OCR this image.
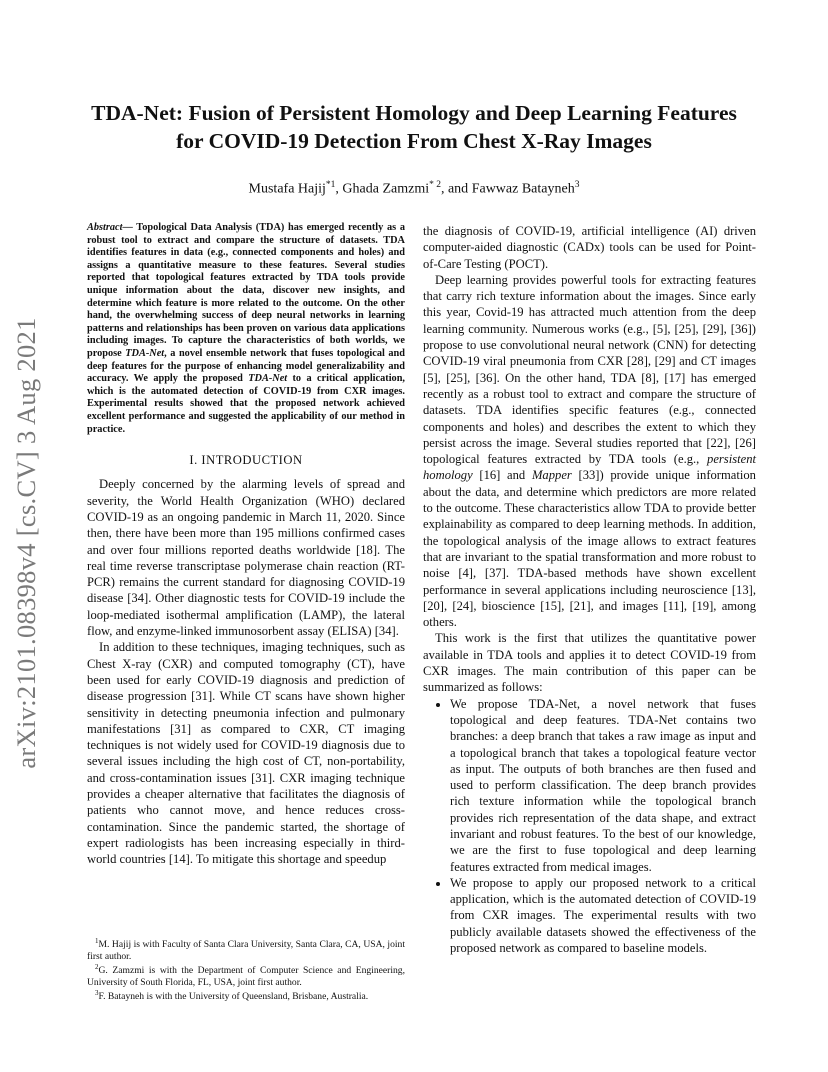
arXiv:2101.08398v4 [cs.CV] 3 Aug 2021
TDA-Net: Fusion of Persistent Homology and Deep Learning Features
for COVID-19 Detection From Chest X-Ray Images
Mustafa Hajij$^{*1}$, Ghada Zamzmi$^{* 2}$, and Fawwaz Batayneh$^3$
Abstract— Topological Data Analysis (TDA) has emerged recently as a robust tool to extract and compare the structure of datasets. TDA identifies features in data (e.g., connected components and holes) and assigns a quantitative measure to these features. Several studies reported that topological features extracted by TDA tools provide unique information about the data, discover new insights, and determine which feature is more related to the outcome. On the other hand, the overwhelming success of deep neural networks in learning patterns and relationships has been proven on various data applications including images. To capture the characteristics of both worlds, we propose TDA-Net, a novel ensemble network that fuses topological and deep features for the purpose of enhancing model generalizability and accuracy. We apply the proposed TDA-Net to a critical application, which is the automated detection of COVID-19 from CXR images. Experimental results showed that the proposed network achieved excellent performance and suggested the applicability of our method in practice.
I. INTRODUCTION

Deeply concerned by the alarming levels of spread and severity, the World Health Organization (WHO) declared COVID-19 as an ongoing pandemic in March 11, 2020. Since then, there have been more than 195 millions confirmed cases and over four millions reported deaths worldwide [18]. The real time reverse transcriptase polymerase chain reaction (RT-PCR) remains the current standard for diagnosing COVID-19 disease [34]. Other diagnostic tests for COVID-19 include the loop-mediated isothermal amplification (LAMP), the lateral flow, and enzyme-linked immunosorbent assay (ELISA) [34].

In addition to these techniques, imaging techniques, such as Chest X-ray (CXR) and computed tomography (CT), have been used for early COVID-19 diagnosis and prediction of disease progression [31]. While CT scans have shown higher sensitivity in detecting pneumonia infection and pulmonary manifestations [31] as compared to CXR, CT imaging techniques is not widely used for COVID-19 diagnosis due to several issues including the high cost of CT, non-portability, and cross-contamination issues [31]. CXR imaging technique provides a cheaper alternative that facilitates the diagnosis of patients who cannot move, and hence reduces cross-contamination. Since the pandemic started, the shortage of expert radiologists has been increasing especially in third-world countries [14]. To mitigate this shortage and speedup

$^1$M. Hajij is with Faculty of Santa Clara University, Santa Clara, CA, USA, joint first author.

$^2$G. Zamzmi is with the Department of Computer Science and Engineering, University of South Florida, FL, USA, joint first author.

$^3$F. Batayneh is with the University of Queensland, Brisbane, Australia.

the diagnosis of COVID-19, artificial intelligence (AI) driven computer-aided diagnostic (CADx) tools can be used for Point-of-Care Testing (POCT).

Deep learning provides powerful tools for extracting features that carry rich texture information about the images. Since early this year, Covid-19 has attracted much attention from the deep learning community. Numerous works (e.g., [5], [25], [29], [36]) propose to use convolutional neural network (CNN) for detecting COVID-19 viral pneumonia from CXR [28], [29] and CT images [5], [25], [36]. On the other hand, TDA [8], [17] has emerged recently as a robust tool to extract and compare the structure of datasets. TDA identifies specific features (e.g., connected components and holes) and describes the extent to which they persist across the image. Several studies reported that [22], [26] topological features extracted by TDA tools (e.g., persistent homology [16] and Mapper [33]) provide unique information about the data, and determine which predictors are more related to the outcome. These characteristics allow TDA to provide better explainability as compared to deep learning methods. In addition, the topological analysis of the image allows to extract features that are invariant to the spatial transformation and more robust to noise [4], [37]. TDA-based methods have shown excellent performance in several applications including neuroscience [13], [20], [24], bioscience [15], [21], and images [11], [19], among others.

This work is the first that utilizes the quantitative power available in TDA tools and applies it to detect COVID-19 from CXR images. The main contribution of this paper can be summarized as follows:

• We propose TDA-Net, a novel network that fuses topological and deep features. TDA-Net contains two branches: a deep branch that takes a raw image as input and a topological branch that takes a topological feature vector as input. The outputs of both branches are then fused and used to perform classification. The deep branch provides rich texture information while the topological branch provides rich representation of the data shape, and extract invariant and robust features. To the best of our knowledge, we are the first to fuse topological and deep learning features extracted from medical images.
• We propose to apply our proposed network to a critical application, which is the automated detection of COVID-19 from CXR images. The experimental results with two publicly available datasets showed the effectiveness of the proposed network as compared to baseline models.
